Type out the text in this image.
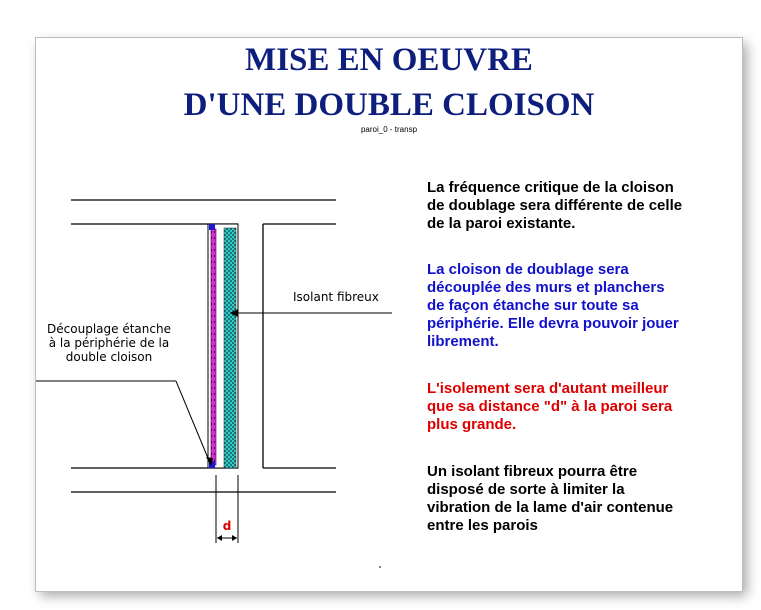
MISE EN OEUVRE
D'UNE DOUBLE CLOISON
paroi_0 - transp
Découplage étanche
à la périphérie de la
double cloison
Isolant fibreux
d

La fréquence critique de la cloison
de doublage sera différente de celle
de la paroi existante.

La cloison de doublage sera
découplée des murs et planchers
de façon étanche sur toute sa
périphérie. Elle devra pouvoir jouer
librement.

L'isolement sera d'autant meilleur
que sa distance "d" à la paroi sera
plus grande.

Un isolant fibreux pourra être
disposé de sorte à limiter la
vibration de la lame d'air contenue
entre les parois
